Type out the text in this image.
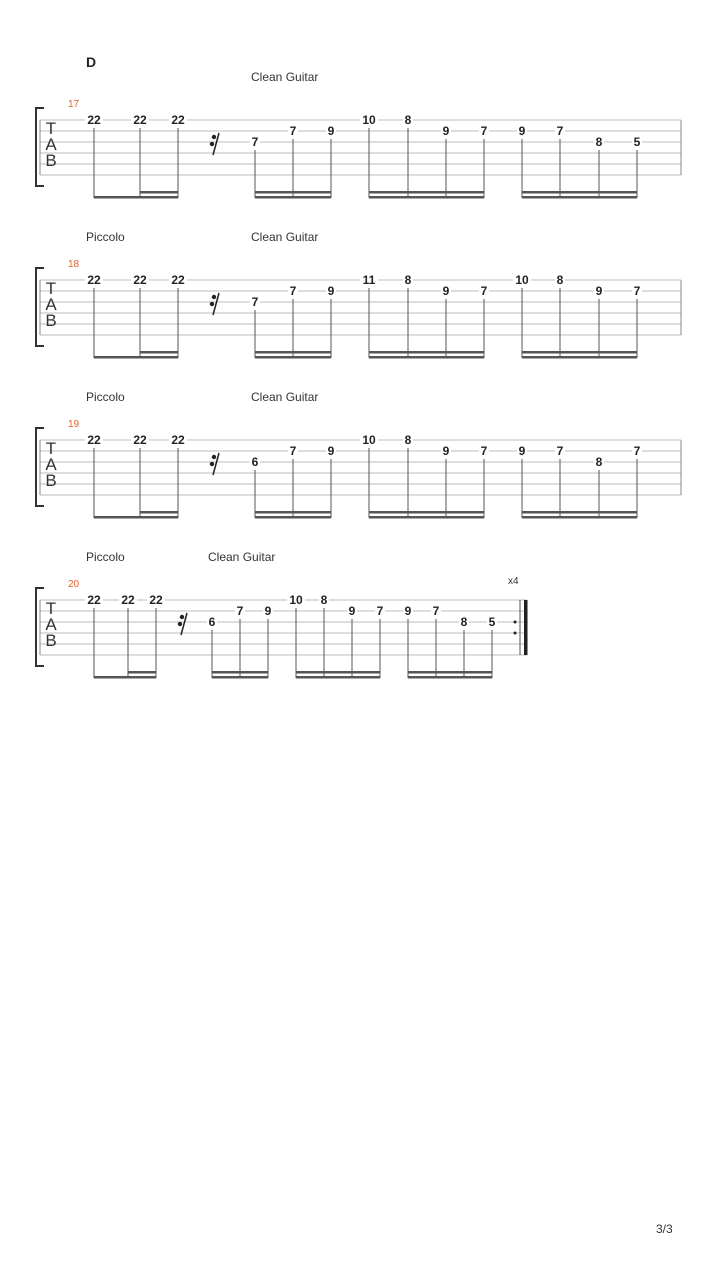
D
Clean Guitar
17
T
A
B
22	22 22
7
7	9
10 8
9	7	9	7
8	5
Piccolo	Clean Guitar
18
T
A
B
22	22 22
7
7	9
11 8
9	7
10 8
9	7
Piccolo	Clean Guitar
19
T
A
B
22	22 22
6
7	9
10 8
9	7	9	7
8
7
Piccolo	Clean Guitar
20	x4
T
A
B
22 22 22
6
7 9
10 8
9 7 9 7
8 5
3/3
